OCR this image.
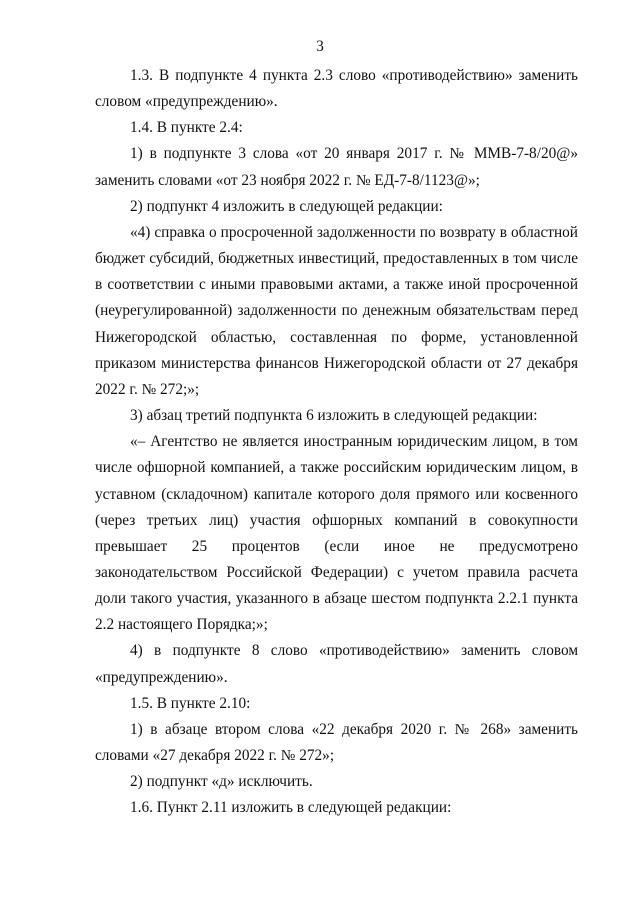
3

1.3. В подпункте 4 пункта 2.3 слово «противодействию» заменить словом «предупреждению».

1.4. В пункте 2.4:

1) в подпункте 3 слова «от 20 января 2017 г. № ММВ-7-8/20@» заменить словами «от 23 ноября 2022 г. № ЕД-7-8/1123@»;

2) подпункт 4 изложить в следующей редакции:

«4) справка о просроченной задолженности по возврату в областной бюджет субсидий, бюджетных инвестиций, предоставленных в том числе в соответствии с иными правовыми актами, а также иной просроченной (неурегулированной) задолженности по денежным обязательствам перед Нижегородской областью, составленная по форме, установленной приказом министерства финансов Нижегородской области от 27 декабря 2022 г. № 272;»;

3) абзац третий подпункта 6 изложить в следующей редакции:

«– Агентство не является иностранным юридическим лицом, в том числе офшорной компанией, а также российским юридическим лицом, в уставном (складочном) капитале которого доля прямого или косвенного (через третьих лиц) участия офшорных компаний в совокупности превышает 25 процентов (если иное не предусмотрено законодательством Российской Федерации) с учетом правила расчета доли такого участия, указанного в абзаце шестом подпункта 2.2.1 пункта 2.2 настоящего Порядка;»;

4) в подпункте 8 слово «противодействию» заменить словом «предупреждению».

1.5. В пункте 2.10:

1) в абзаце втором слова «22 декабря 2020 г. № 268» заменить словами «27 декабря 2022 г. № 272»;

2) подпункт «д» исключить.

1.6. Пункт 2.11 изложить в следующей редакции:
